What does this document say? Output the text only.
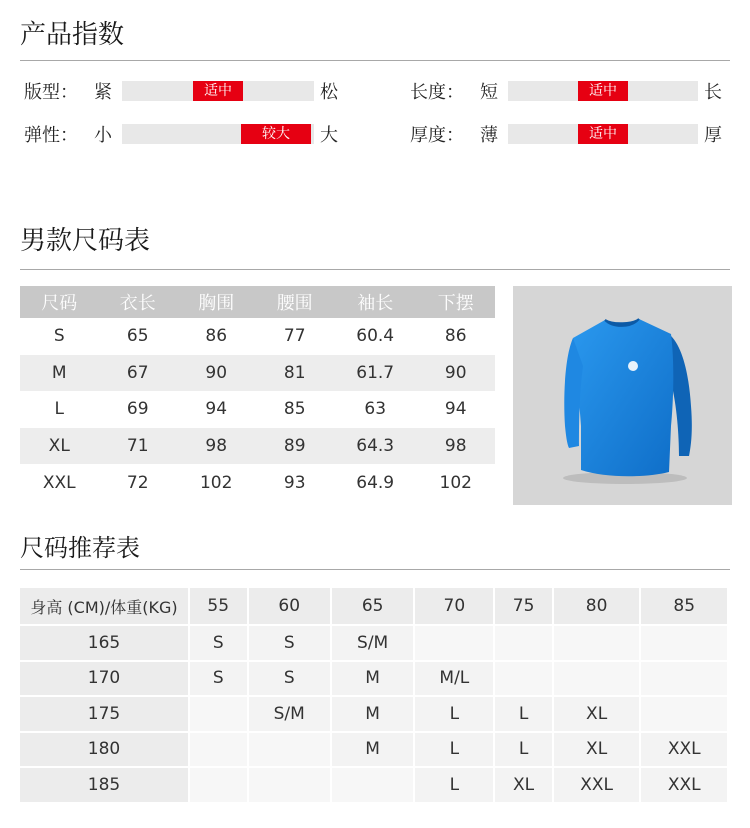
产品指数
版型： 紧	适中	松	长度： 短	适中	长
弹性： 小	较大	大	厚度： 薄	适中	厚
男款尺码表
尺码	衣长	胸围	腰围	袖长	下摆
S	65	86	77	60.4	86
M	67	90	81	61.7	90
L	69	94	85	63	94
XL	71	98	89	64.3	98
XXL	72	102	93	64.9	102
尺码推荐表
身高 (CM)/体重(KG)	55	60	65	70	75	80	85
165	S	S	S/M				
170	S	S	M	M/L			
175		S/M	M	L	L	XL	
180			M	L	L	XL	XXL
185				L	XL	XXL	XXL
